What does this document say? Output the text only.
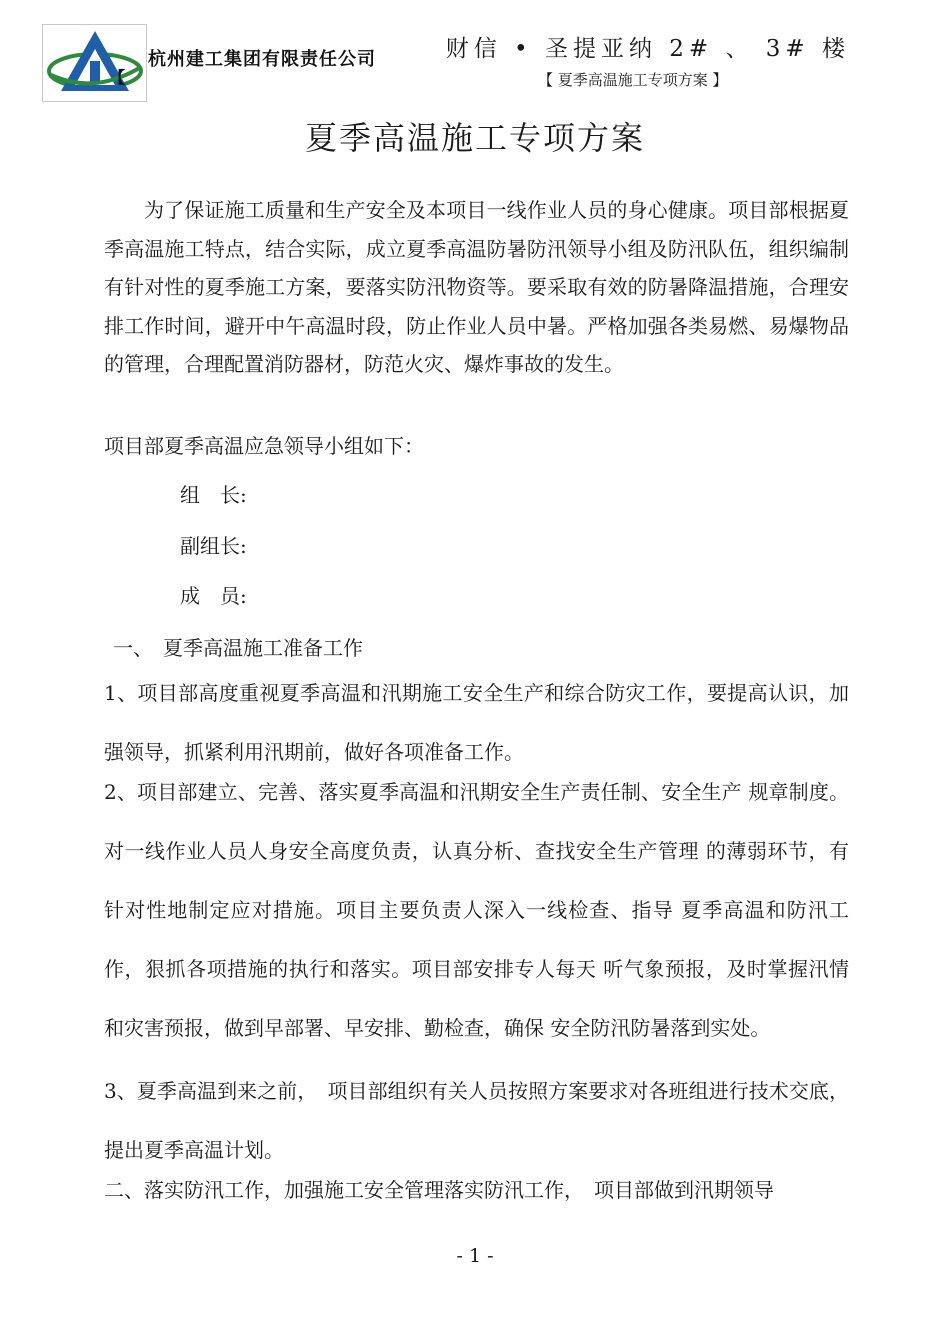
【
杭州建工集团有限责任公司	财信 • 圣提亚纳 2# 、 3# 楼
【 夏季高温施工专项方案 】
夏季高温施工专项方案

为了保证施工质量和生产安全及本项目一线作业人员的身心健康。项目部根据夏季高温施工特点，结合实际，成立夏季高温防暑防汛领导小组及防汛队伍，组织编制有针对性的夏季施工方案，要落实防汛物资等。要采取有效的防暑降温措施，合理安排工作时间，避开中午高温时段，防止作业人员中暑。严格加强各类易燃、易爆物品的管理，合理配置消防器材，防范火灾、爆炸事故的发生。

项目部夏季高温应急领导小组如下：
组　长:
副组长:
成　员:
一、　夏季高温施工准备工作

1、项目部高度重视夏季高温和汛期施工安全生产和综合防灾工作，要提高认识，加强领导，抓紧利用汛期前，做好各项准备工作。

2、项目部建立、完善、落实夏季高温和汛期安全生产责任制、安全生产 规章制度。对一线作业人员人身安全高度负责，认真分析、查找安全生产管理 的薄弱环节，有针对性地制定应对措施。项目主要负责人深入一线检查、指导 夏季高温和防汛工作，狠抓各项措施的执行和落实。项目部安排专人每天 听气象预报，及时掌握汛情和灾害预报，做到早部署、早安排、勤检查，确保 安全防汛防暑落到实处。

3、夏季高温到来之前，　项目部组织有关人员按照方案要求对各班组进行技术交底，提出夏季高温计划。

二、落实防汛工作，加强施工安全管理落实防汛工作，　项目部做到汛期领导

- 1 -
